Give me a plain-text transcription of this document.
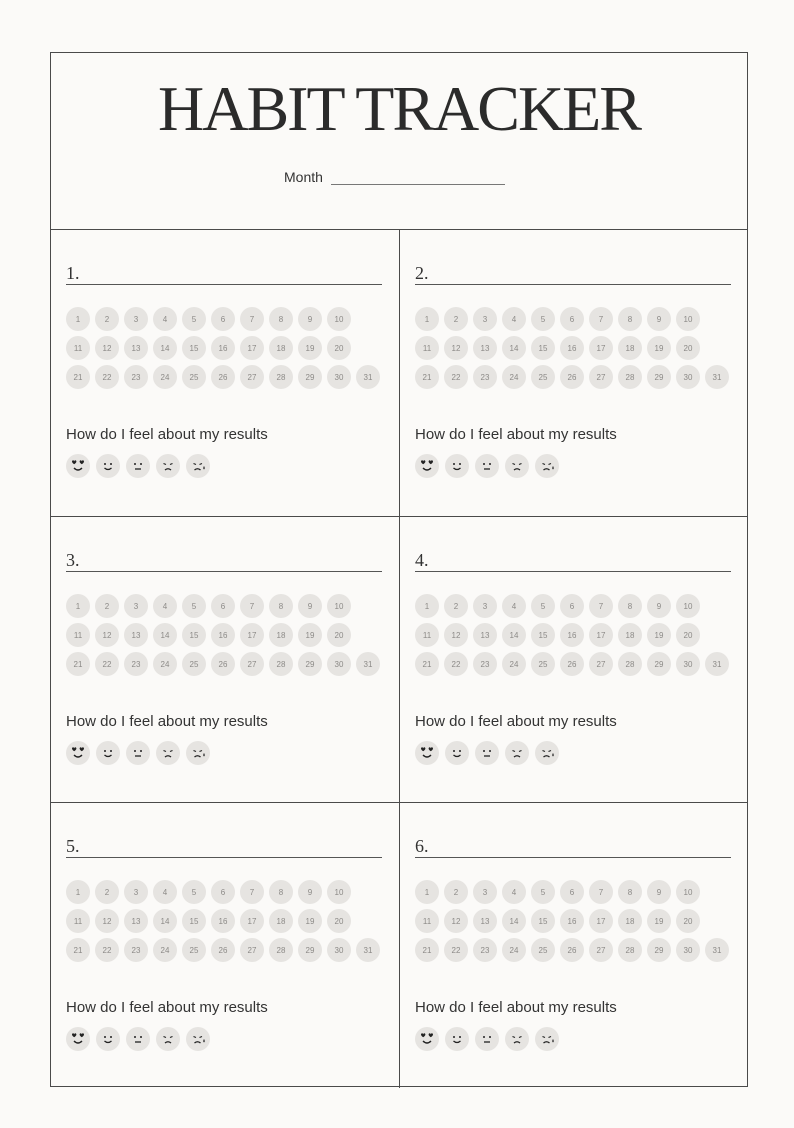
HABIT TRACKER
Month
1.
1	2	3	4	5	6	7	8	9	10
11	12	13	14	15	16	17	18	19	20
21	22	23	24	25	26	27	28	29	30	31
How do I feel about my results
2.
1	2	3	4	5	6	7	8	9	10
11	12	13	14	15	16	17	18	19	20
21	22	23	24	25	26	27	28	29	30	31
How do I feel about my results
3.
1	2	3	4	5	6	7	8	9	10
11	12	13	14	15	16	17	18	19	20
21	22	23	24	25	26	27	28	29	30	31
How do I feel about my results
4.
1	2	3	4	5	6	7	8	9	10
11	12	13	14	15	16	17	18	19	20
21	22	23	24	25	26	27	28	29	30	31
How do I feel about my results
5.
1	2	3	4	5	6	7	8	9	10
11	12	13	14	15	16	17	18	19	20
21	22	23	24	25	26	27	28	29	30	31
How do I feel about my results
6.
1	2	3	4	5	6	7	8	9	10
11	12	13	14	15	16	17	18	19	20
21	22	23	24	25	26	27	28	29	30	31
How do I feel about my results
